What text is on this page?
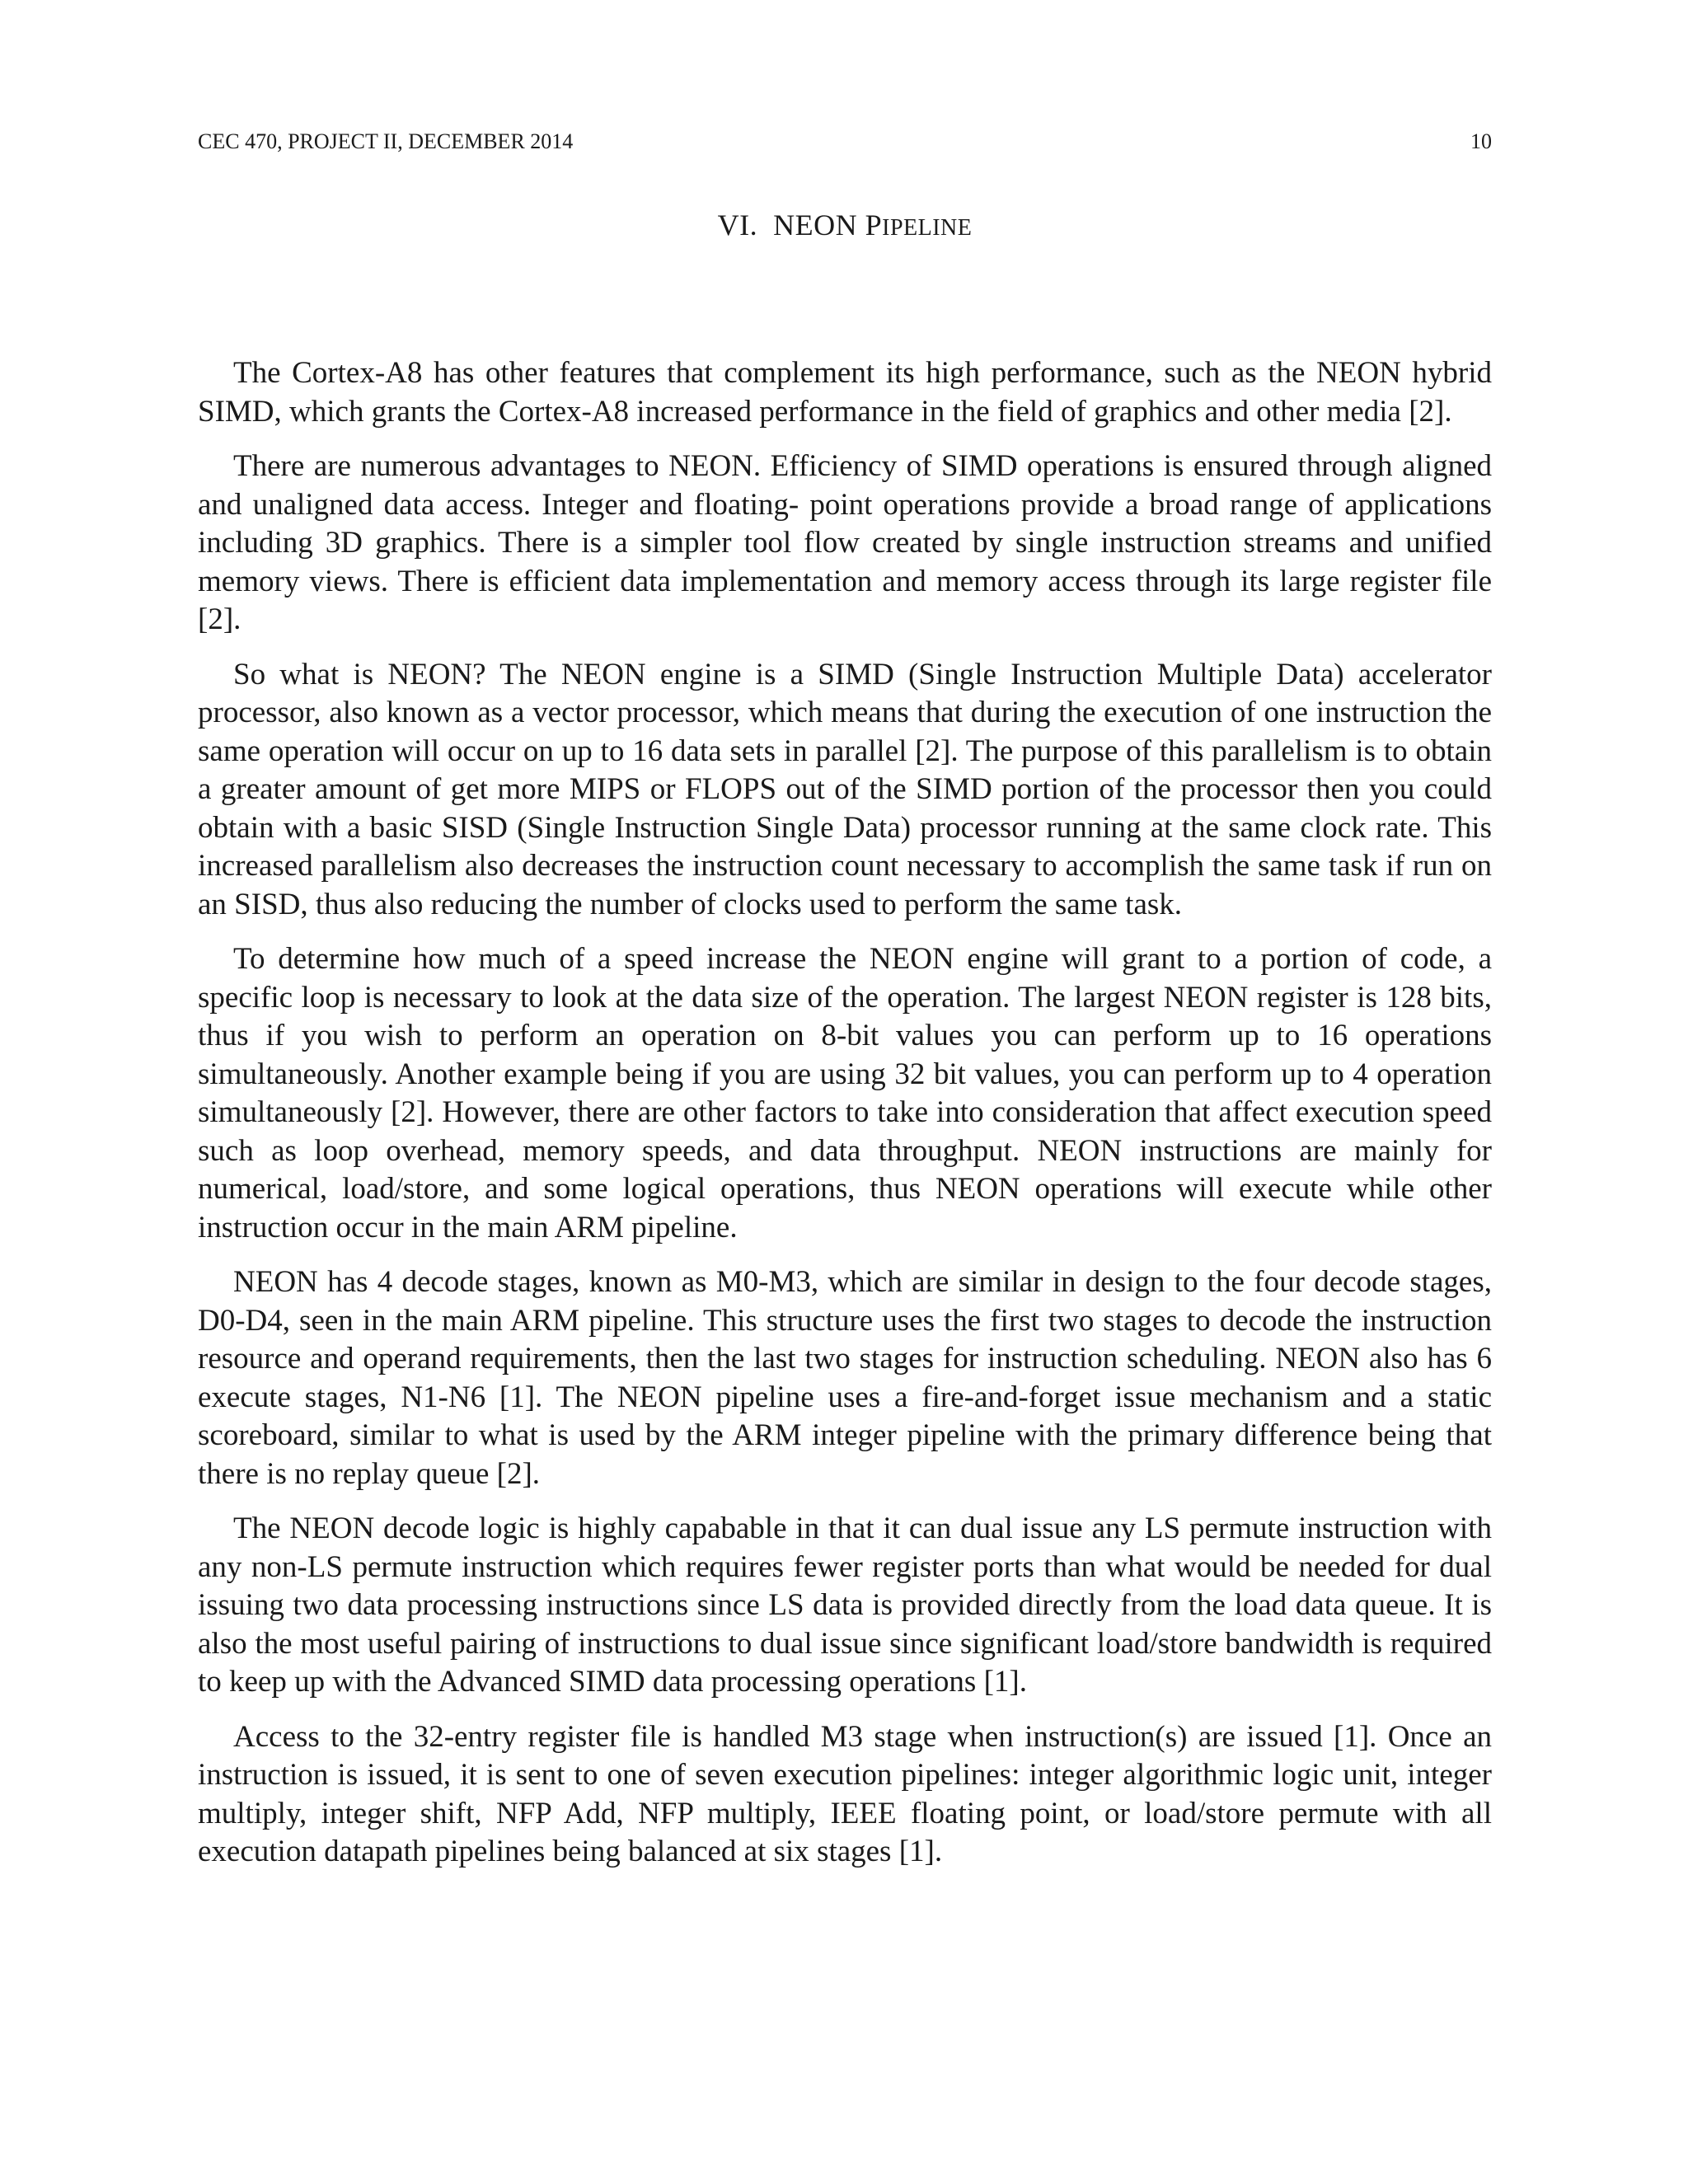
CEC 470, PROJECT II, DECEMBER 2014	10
VI. NEON PIPELINE

The Cortex-A8 has other features that complement its high performance, such as the NEON hybrid SIMD, which grants the Cortex-A8 increased performance in the field of graphics and other media [2].

There are numerous advantages to NEON. Efficiency of SIMD operations is ensured through aligned and unaligned data access. Integer and floating- point operations provide a broad range of applications including 3D graphics. There is a simpler tool flow created by single instruction streams and unified memory views. There is efficient data implementation and memory access through its large register file [2].

So what is NEON? The NEON engine is a SIMD (Single Instruction Multiple Data) accelerator processor, also known as a vector processor, which means that during the execution of one instruction the same operation will occur on up to 16 data sets in parallel [2]. The purpose of this parallelism is to obtain a greater amount of get more MIPS or FLOPS out of the SIMD portion of the processor then you could obtain with a basic SISD (Single Instruction Single Data) processor running at the same clock rate. This increased parallelism also decreases the instruction count necessary to accomplish the same task if run on an SISD, thus also reducing the number of clocks used to perform the same task.

To determine how much of a speed increase the NEON engine will grant to a portion of code, a specific loop is necessary to look at the data size of the operation. The largest NEON register is 128 bits, thus if you wish to perform an operation on 8-bit values you can perform up to 16 operations simultaneously. Another example being if you are using 32 bit values, you can perform up to 4 operation simultaneously [2]. However, there are other factors to take into consideration that affect execution speed such as loop overhead, memory speeds, and data throughput. NEON instructions are mainly for numerical, load/store, and some logical operations, thus NEON operations will execute while other instruction occur in the main ARM pipeline.

NEON has 4 decode stages, known as M0-M3, which are similar in design to the four decode stages, D0-D4, seen in the main ARM pipeline. This structure uses the first two stages to decode the instruction resource and operand requirements, then the last two stages for instruction scheduling. NEON also has 6 execute stages, N1-N6 [1]. The NEON pipeline uses a fire-and-forget issue mechanism and a static scoreboard, similar to what is used by the ARM integer pipeline with the primary difference being that there is no replay queue [2].

The NEON decode logic is highly capabable in that it can dual issue any LS permute instruction with any non-LS permute instruction which requires fewer register ports than what would be needed for dual issuing two data processing instructions since LS data is provided directly from the load data queue. It is also the most useful pairing of instructions to dual issue since significant load/store bandwidth is required to keep up with the Advanced SIMD data processing operations [1].

Access to the 32-entry register file is handled M3 stage when instruction(s) are issued [1]. Once an instruction is issued, it is sent to one of seven execution pipelines: integer algorithmic logic unit, integer multiply, integer shift, NFP Add, NFP multiply, IEEE floating point, or load/store permute with all execution datapath pipelines being balanced at six stages [1].
